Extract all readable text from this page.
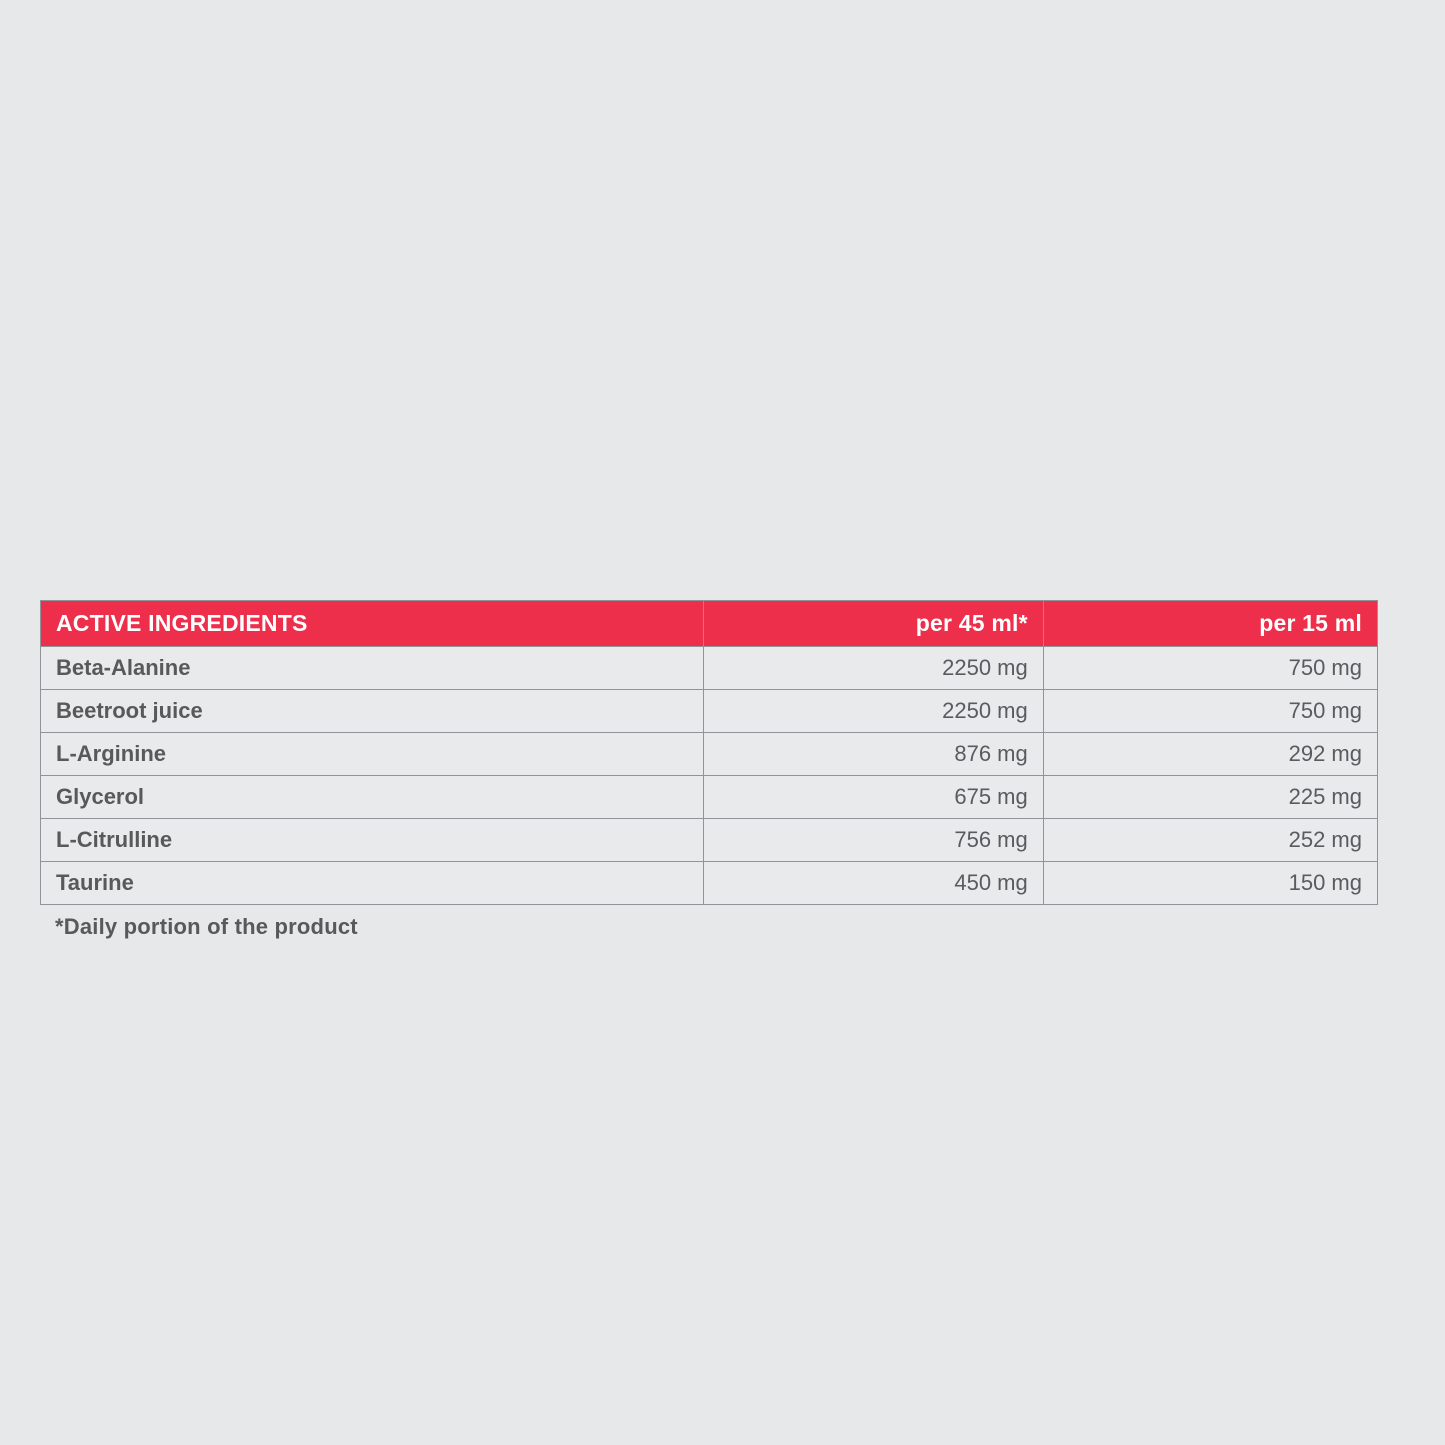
ACTIVE INGREDIENTS	per 45 ml*	per 15 ml
Beta-Alanine	2250 mg	750 mg
Beetroot juice	2250 mg	750 mg
L-Arginine	876 mg	292 mg
Glycerol	675 mg	225 mg
L-Citrulline	756 mg	252 mg
Taurine	450 mg	150 mg
*Daily portion of the product
